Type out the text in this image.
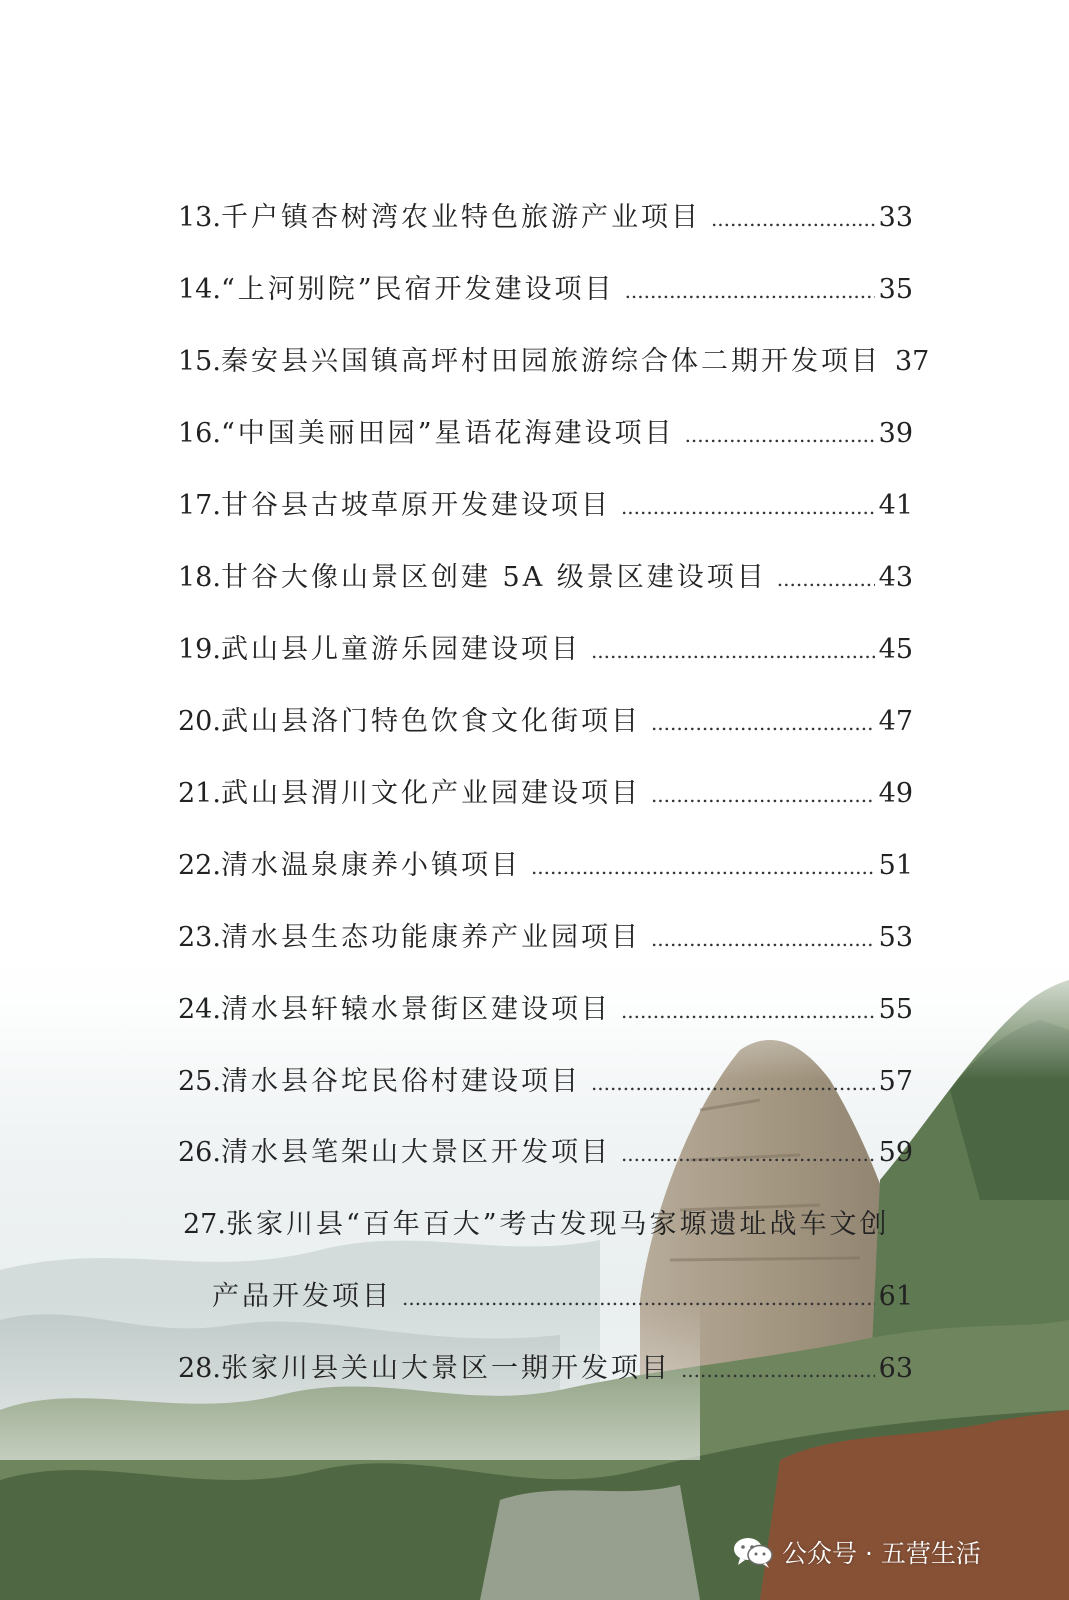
13. 千户镇杏树湾农业特色旅游产业项目 .....	33
14. “上河别院”民宿开发建设项目 .....	35
15. 秦安县兴国镇高坪村田园旅游综合体二期开发项目 37
16. “中国美丽田园”星语花海建设项目 .....	39
17. 甘谷县古坡草原开发建设项目 .....	41
18. 甘谷大像山景区创建 5A 级景区建设项目 .....	43
19. 武山县儿童游乐园建设项目 .....	45
20. 武山县洛门特色饮食文化街项目 .....	47
21. 武山县渭川文化产业园建设项目 .....	49
22. 清水温泉康养小镇项目 .....	51
23. 清水县生态功能康养产业园项目 .....	53
24. 清水县轩辕水景街区建设项目 .....	55
25. 清水县谷坨民俗村建设项目 .....	57
26. 清水县笔架山大景区开发项目 .....	59
27. 张家川县“百年百大”考古发现马家塬遗址战车文创
产品开发项目 .....	61
28. 张家川县关山大景区一期开发项目 .....	63
公众号 · 五营生活
